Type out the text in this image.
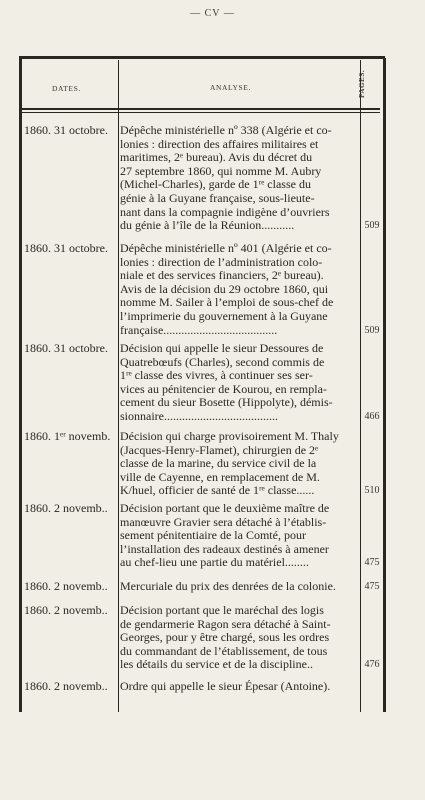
— CV —
DATES.	ANALYSE.	PAGES.
1860. 31 octobre.	Dépêche ministérielle nº 338 (Algérie et co-
lonies : direction des affaires militaires et
maritimes, 2ᵉ bureau). Avis du décret du
27 septembre 1860, qui nomme M. Aubry
(Michel-Charles), garde de 1ʳᵉ classe du
génie à la Guyane française, sous-lieute-
nant dans la compagnie indigène d’ouvriers
du génie à l’île de la Réunion...........	509
1860. 31 octobre.	Dépêche ministérielle nº 401 (Algérie et co-
lonies : direction de l’administration colo-
niale et des services financiers, 2ᵉ bureau).
Avis de la décision du 29 octobre 1860, qui
nomme M. Sailer à l’emploi de sous-chef de
l’imprimerie du gouvernement à la Guyane
française......................................	509
1860. 31 octobre.	Décision qui appelle le sieur Dessoures de
Quatrebœufs (Charles), second commis de
1ʳᵉ classe des vivres, à continuer ses ser-
vices au pénitencier de Kourou, en rempla-
cement du sieur Bosette (Hippolyte), démis-
sionnaire......................................	466
1860. 1ᵉʳ novemb. Décision qui charge provisoirement M. Thaly
(Jacques-Henry-Flamet), chirurgien de 2ᵉ
classe de la marine, du service civil de la
ville de Cayenne, en remplacement de M.
K/huel, officier de santé de 1ʳᵉ classe......	510
1860. 2 novemb..	Décision portant que le deuxième maître de
manœuvre Gravier sera détaché à l’établis-
sement pénitentiaire de la Comté, pour
l’installation des radeaux destinés à amener
au chef-lieu une partie du matériel........	475
1860. 2 novemb..	Mercuriale du prix des denrées de la colonie.	475
1860. 2 novemb..	Décision portant que le maréchal des logis
de gendarmerie Ragon sera détaché à Saint-
Georges, pour y être chargé, sous les ordres
du commandant de l’établissement, de tous
les détails du service et de la discipline..	476
1860. 2 novemb..	Ordre qui appelle le sieur Épesar (Antoine).
